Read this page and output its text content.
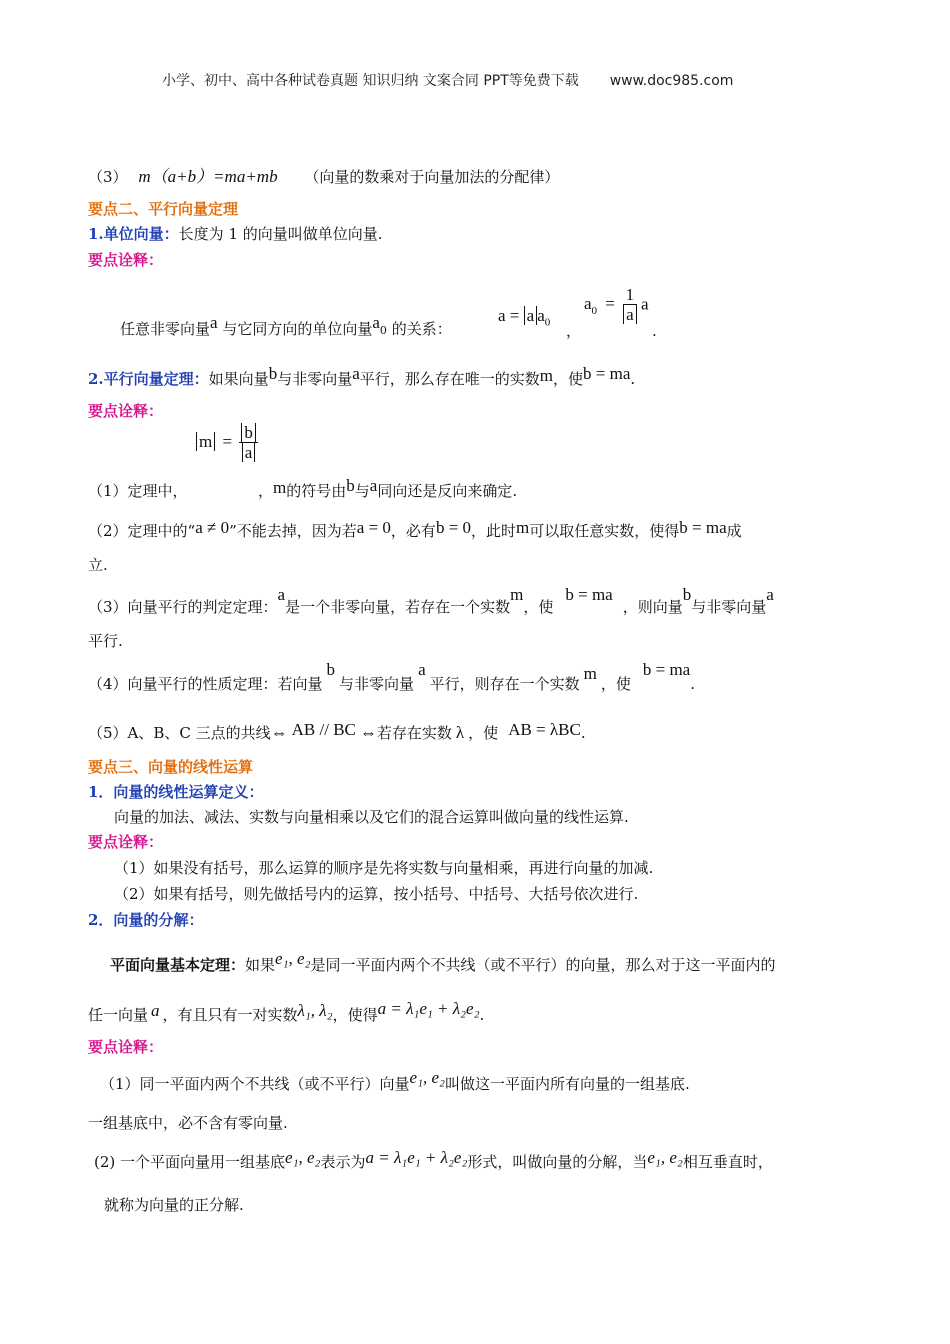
小学、初中、高中各种试卷真题 知识归纳 文案合同 PPT等免费下载 www.doc985.com
（3） m（a+b）=ma+mb （向量的数乘对于向量加法的分配律）
要点二、平行向量定理
1.单位向量：长度为 1 的向量叫做单位向量.
要点诠释：
任意非零向量a 与它同方向的单位向量$a_0$ 的关系：
a = a $a_0$ ，
$a_0 = \frac{1}{a}$ a
.
2.平行向量定理：如果向量b与非零向量a平行，那么存在唯一的实数m，使b = ma.
要点诠释：
$m = \frac{b}{a}$
（1）定理中，	，m的符号由b与a同向还是反向来确定.
（2）定理中的“a ≠ 0”不能去掉，因为若a = 0，必有b = 0，此时m可以取任意实数，使得b = ma成
立.
（3）向量平行的判定定理：a是一个非零向量，若存在一个实数m，使b = ma，则向量b与非零向量a
平行.
（4）向量平行的性质定理：若向量b与非零向量a平行，则存在一个实数m，使b = ma.
（5）A、B、C 三点的共线⇔ AB // BC ⇔若存在实数 λ ，使 AB = λBC.
要点三、向量的线性运算
1．向量的线性运算定义：
向量的加法、减法、实数与向量相乘以及它们的混合运算叫做向量的线性运算.
要点诠释：
（1）如果没有括号，那么运算的顺序是先将实数与向量相乘，再进行向量的加减.
（2）如果有括号，则先做括号内的运算，按小括号、中括号、大括号依次进行.
2．向量的分解：
平面向量基本定理：如果e₁, e₂是同一平面内两个不共线（或不平行）的向量，那么对于这一平面内的
任一向量 a ，有且只有一对实数λ₁, λ₂，使得a = λ₁e₁ + λ₂e₂.
要点诠释：
（1）同一平面内两个不共线（或不平行）向量e₁, e₂叫做这一平面内所有向量的一组基底.
一组基底中，必不含有零向量.
(2) 一个平面向量用一组基底e₁, e₂表示为a = λ₁e₁ + λ₂e₂形式，叫做向量的分解，当e₁, e₂相互垂直时，
就称为向量的正分解.
